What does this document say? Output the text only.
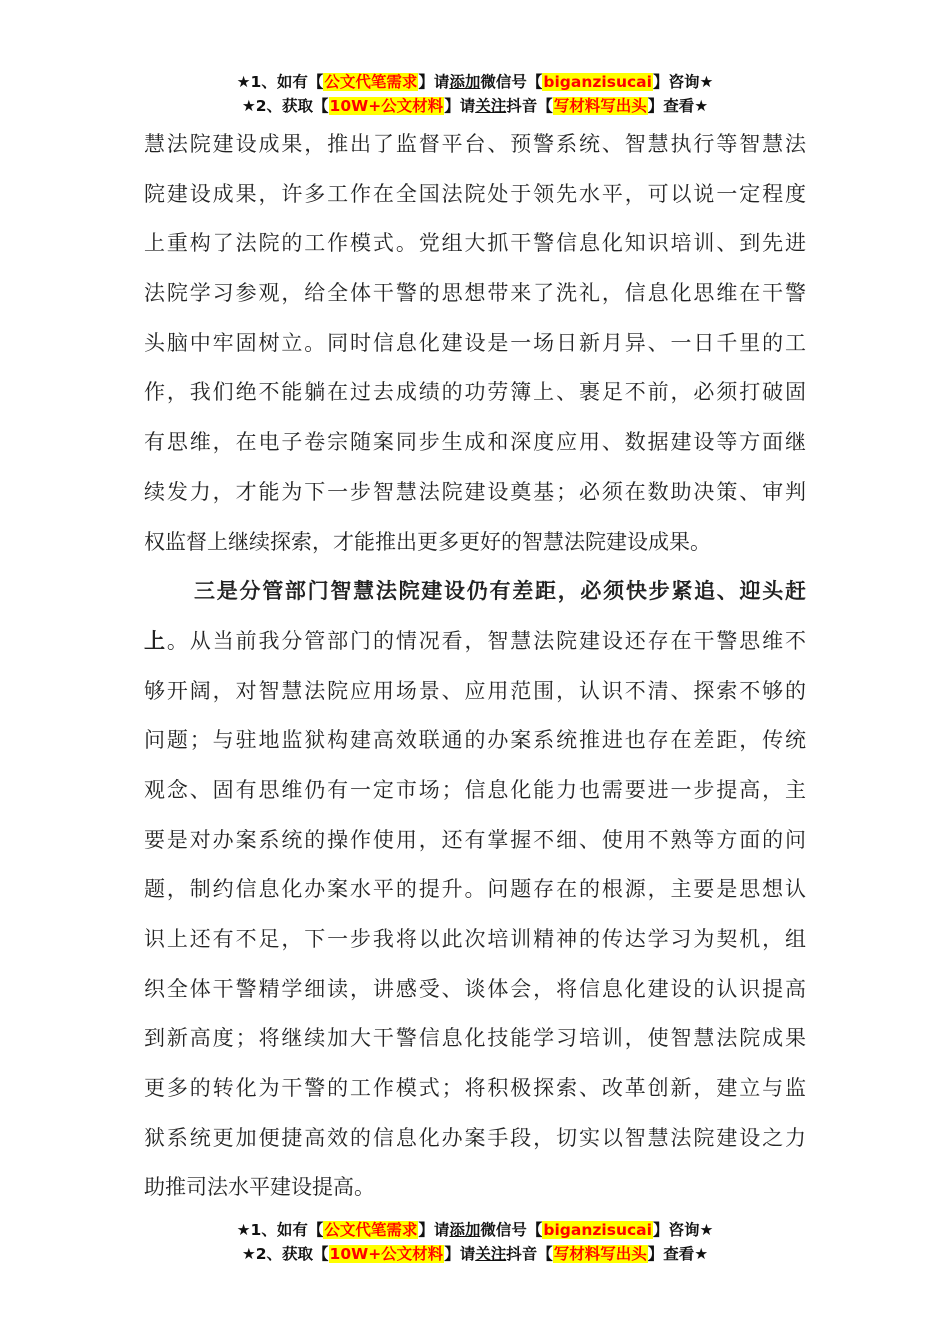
★1、如有【公文代笔需求】请添加微信号【biganzisucai】咨询★
★2、获取【10W+公文材料】请关注抖音【写材料写出头】查看★
慧法院建设成果，推出了监督平台、预警系统、智慧执行等智慧法
院建设成果，许多工作在全国法院处于领先水平，可以说一定程度
上重构了法院的工作模式。党组大抓干警信息化知识培训、到先进
法院学习参观，给全体干警的思想带来了洗礼，信息化思维在干警
头脑中牢固树立。同时信息化建设是一场日新月异、一日千里的工
作，我们绝不能躺在过去成绩的功劳簿上、裹足不前，必须打破固
有思维，在电子卷宗随案同步生成和深度应用、数据建设等方面继
续发力，才能为下一步智慧法院建设奠基；必须在数助决策、审判
权监督上继续探索，才能推出更多更好的智慧法院建设成果。
三是分管部门智慧法院建设仍有差距，必须快步紧追、迎头赶
上。从当前我分管部门的情况看，智慧法院建设还存在干警思维不
够开阔，对智慧法院应用场景、应用范围，认识不清、探索不够的
问题；与驻地监狱构建高效联通的办案系统推进也存在差距，传统
观念、固有思维仍有一定市场；信息化能力也需要进一步提高，主
要是对办案系统的操作使用，还有掌握不细、使用不熟等方面的问
题，制约信息化办案水平的提升。问题存在的根源，主要是思想认
识上还有不足，下一步我将以此次培训精神的传达学习为契机，组
织全体干警精学细读，讲感受、谈体会，将信息化建设的认识提高
到新高度；将继续加大干警信息化技能学习培训，使智慧法院成果
更多的转化为干警的工作模式；将积极探索、改革创新，建立与监
狱系统更加便捷高效的信息化办案手段，切实以智慧法院建设之力
助推司法水平建设提高。
★1、如有【公文代笔需求】请添加微信号【biganzisucai】咨询★
★2、获取【10W+公文材料】请关注抖音【写材料写出头】查看★
